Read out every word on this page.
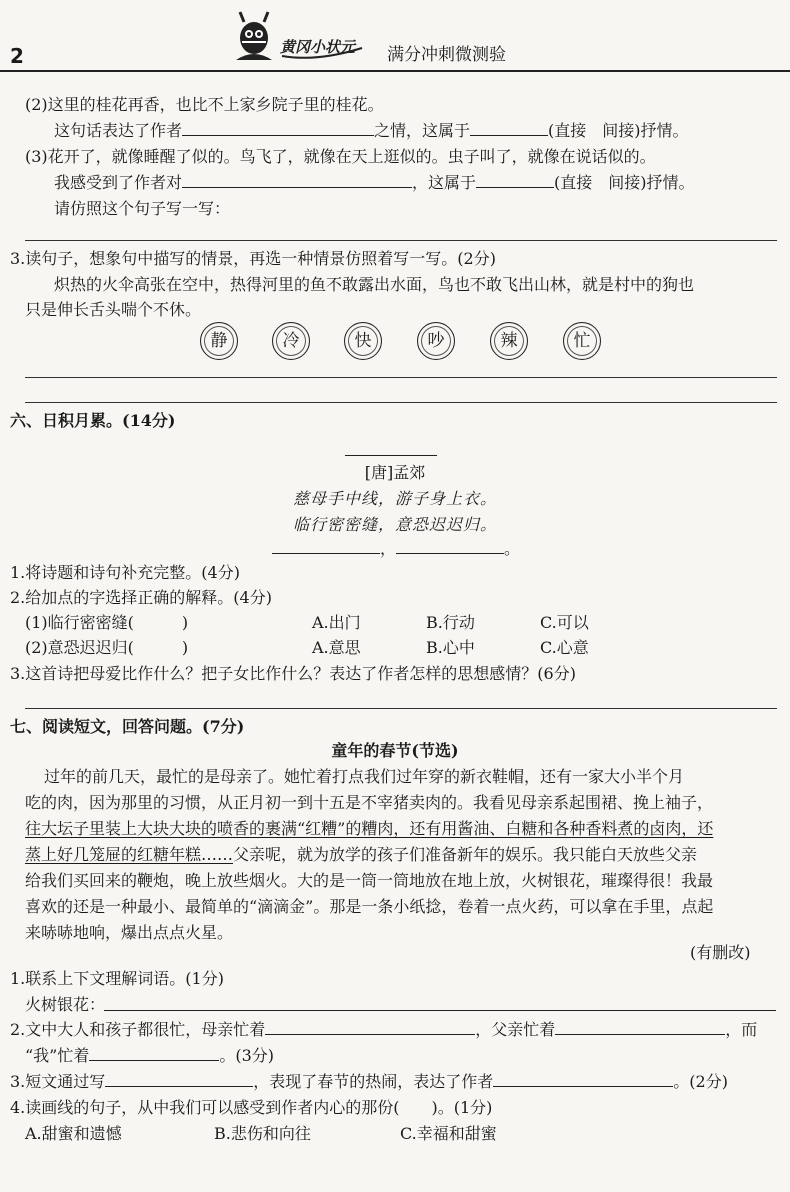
2	黄冈小状元 满分冲刺微测验
(2)这里的桂花再香，也比不上家乡院子里的桂花。
这句话表达了作者	之情，这属于	(直接　间接)抒情。
(3)花开了，就像睡醒了似的。鸟飞了，就像在天上逛似的。虫子叫了，就像在说话似的。
我感受到了作者对	，这属于	(直接　间接)抒情。
请仿照这个句子写一写：
3.读句子，想象句中描写的情景，再选一种情景仿照着写一写。(2分)
炽热的火伞高张在空中，热得河里的鱼不敢露出水面，鸟也不敢飞出山林，就是村中的狗也
只是伸长舌头喘个不休。
静	冷	快	吵	辣	忙
六、日积月累。(14分)
[唐]孟郊
慈母手中线，游子身上衣。
临行密密缝，意恐迟迟归。
，	。
1.将诗题和诗句补充完整。(4分)
2.给加点的字选择正确的解释。(4分)
(1)临行密密缝(　　　)	A.出门	B.行动	C.可以
(2)意恐迟迟归(　　　)	A.意思	B.心中	C.心意
3.这首诗把母爱比作什么？把子女比作什么？表达了作者怎样的思想感情？(6分)
七、阅读短文，回答问题。(7分)
童年的春节(节选)
过年的前几天，最忙的是母亲了。她忙着打点我们过年穿的新衣鞋帽，还有一家大小半个月
吃的肉，因为那里的习惯，从正月初一到十五是不宰猪卖肉的。我看见母亲系起围裙、挽上袖子，
往大坛子里装上大块大块的喷香的裹满“红糟”的糟肉，还有用酱油、白糖和各种香料煮的卤肉，还
蒸上好几笼屉的红糖年糕……父亲呢，就为放学的孩子们准备新年的娱乐。我只能白天放些父亲
给我们买回来的鞭炮，晚上放些烟火。大的是一筒一筒地放在地上放，火树银花，璀璨得很！我最
喜欢的还是一种最小、最简单的“滴滴金”。那是一条小纸捻，卷着一点火药，可以拿在手里，点起
来哧哧地响，爆出点点火星。
(有删改)
1.联系上下文理解词语。(1分)
火树银花：
2.文中大人和孩子都很忙，母亲忙着	，父亲忙着	，而
“我”忙着	。(3分)
3.短文通过写	，表现了春节的热闹，表达了作者	。(2分)
4.读画线的句子，从中我们可以感受到作者内心的那份(　　)。(1分)
A.甜蜜和遗憾	B.悲伤和向往	C.幸福和甜蜜
